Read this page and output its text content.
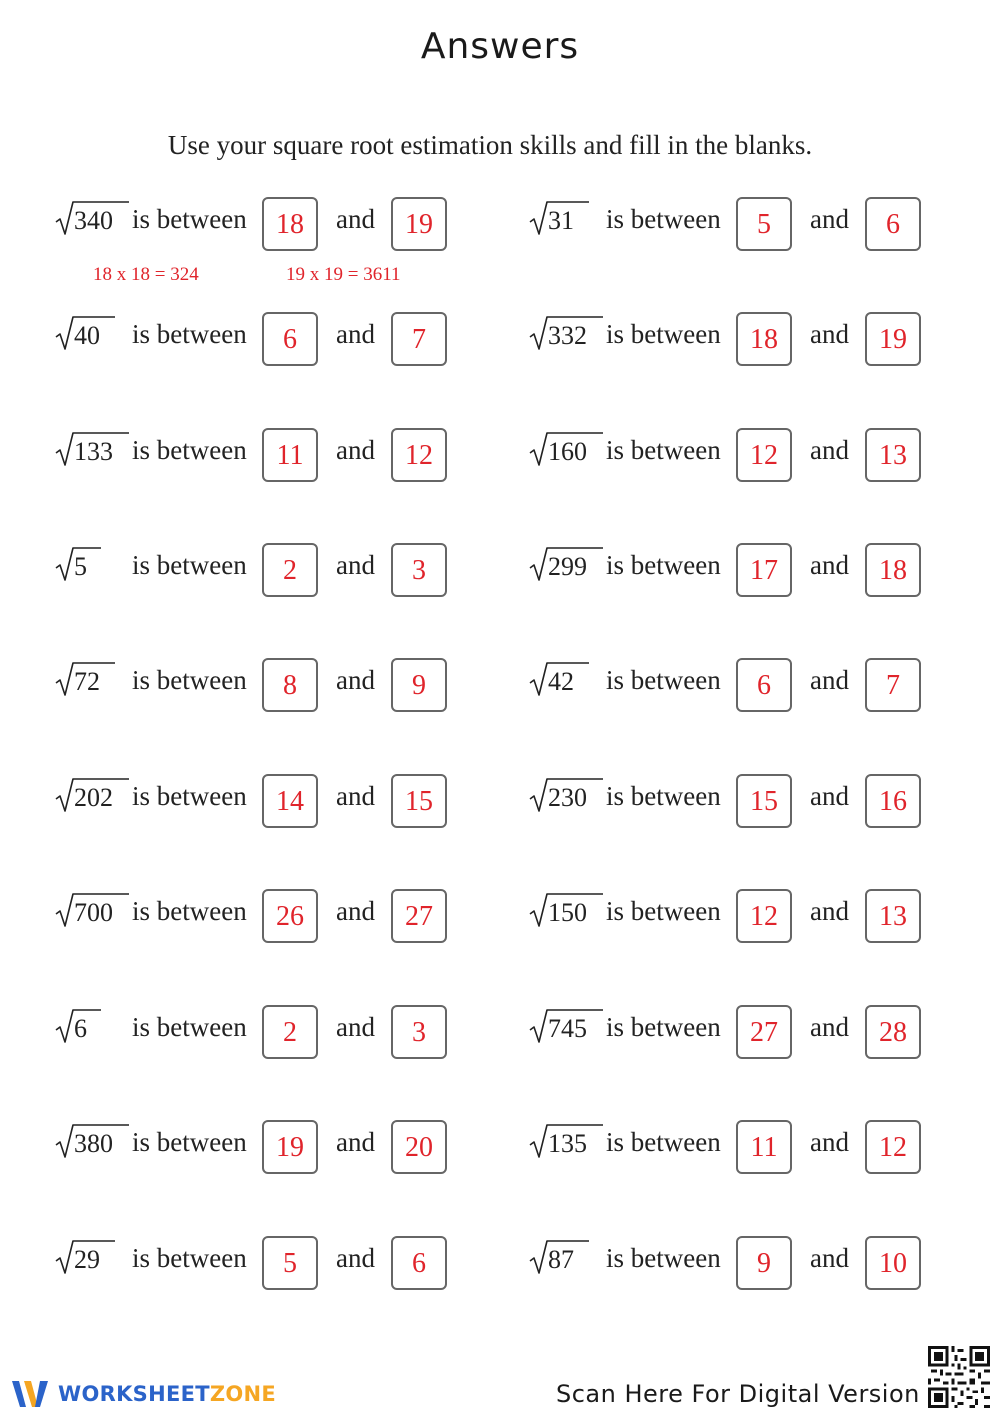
Answers
Use your square root estimation skills and fill in the blanks.
340 is between 18 and 19	31 is between 5 and 6
40 is between 6 and 7	332 is between 18 and 19
133 is between 11 and 12	160 is between 12 and 13
5 is between 2 and 3	299 is between 17 and 18
72 is between 8 and 9	42 is between 6 and 7
202 is between 14 and 15	230 is between 15 and 16
700 is between 26 and 27	150 is between 12 and 13
6 is between 2 and 3	745 is between 27 and 28
380 is between 19 and 20	135 is between 11 and 12
29 is between 5 and 6	87 is between 9 and 10
18 x 18 = 324	19 x 19 = 3611
WORKSHEETZONE	Scan Here For Digital Version
